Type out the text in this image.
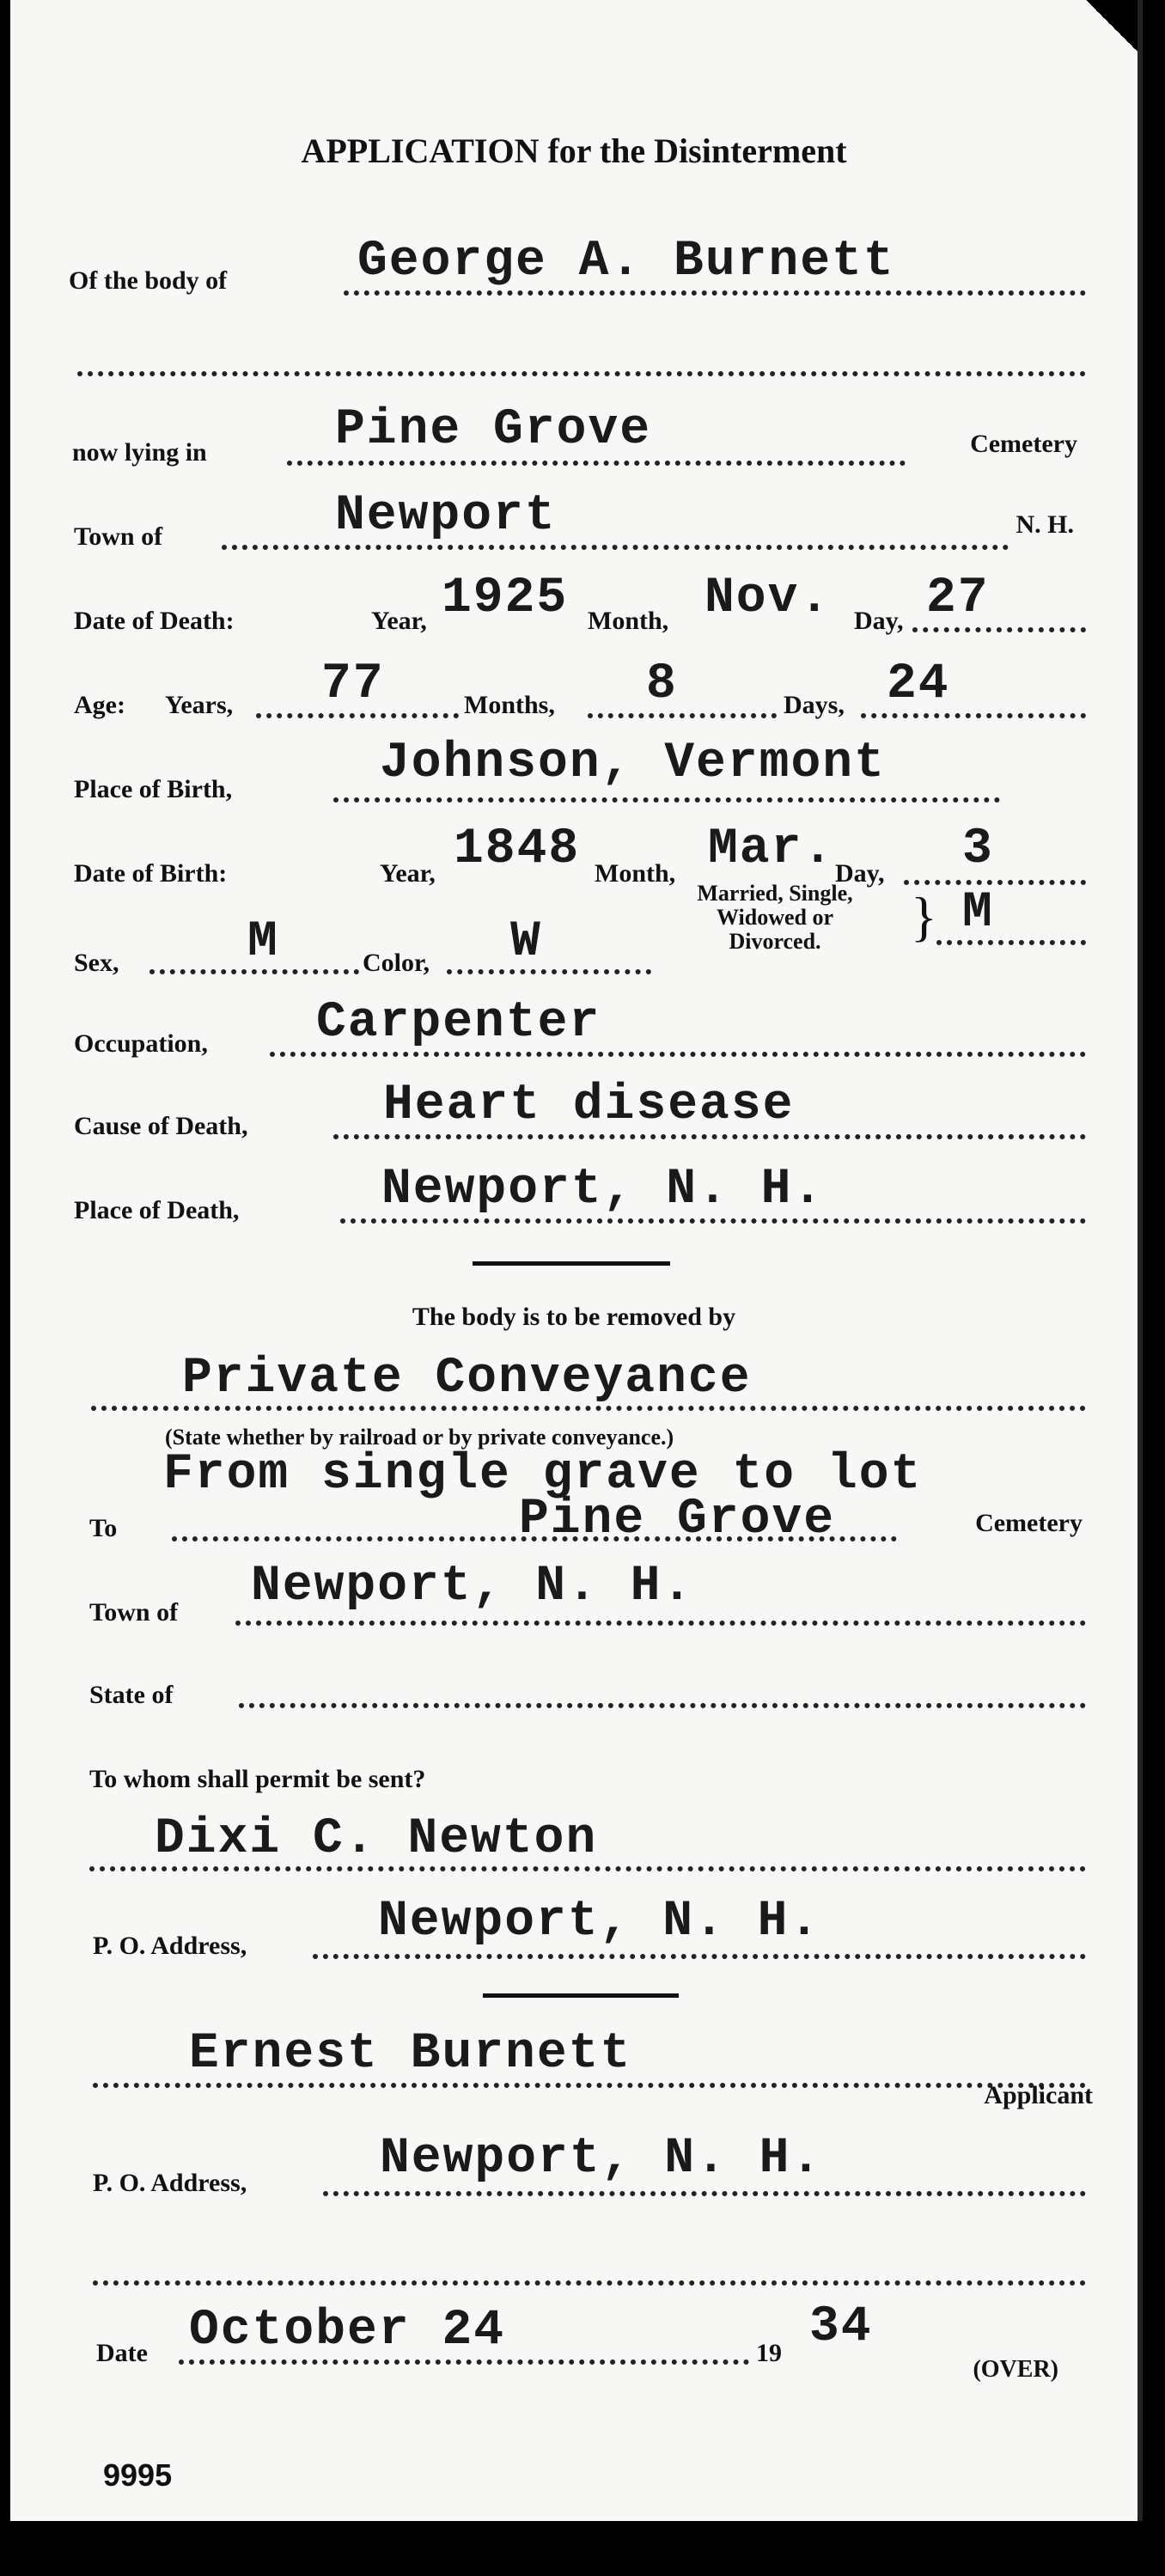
APPLICATION for the Disinterment
Of the body of	George A. Burnett
now lying in	Pine Grove	Cemetery
Town of	Newport	N. H.
Date of Death:	Year, 1925 Month, Nov. Day, 27
Age: Years, 77	Months, 8	Days, 24
Place of Birth,	Johnson, Vermont
Date of Birth:	Year, 1848 Month, Mar. Day, 3
Sex,	M	Color, W
Married, Single,
Widowed or
Divorced.	} M
Occupation, Carpenter
Cause of Death,	Heart disease
Place of Death,	Newport, N. H.
The body is to be removed by
Private Conveyance
(State whether by railroad or by private conveyance.)
From single grave to lot
To	Pine Grove	Cemetery
Town of Newport, N. H.
State of
To whom shall permit be sent?
Dixi C. Newton
P. O. Address,	Newport, N. H.
Ernest Burnett
Applicant
P. O. Address,	Newport, N. H.
Date October 24	19 34
(OVER)
9995
